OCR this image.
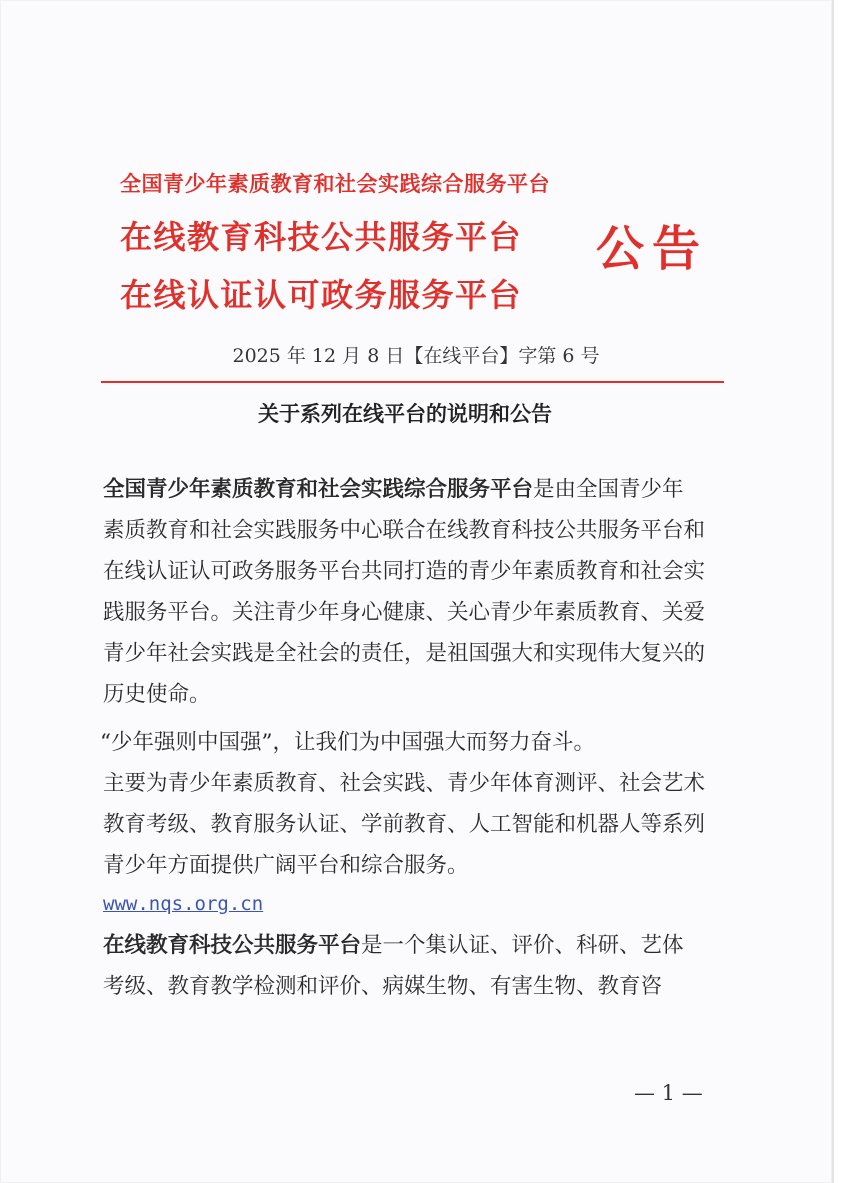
全国青少年素质教育和社会实践综合服务平台
在线教育科技公共服务平台
在线认证认可政务服务平台
公告
2025 年 12 月 8 日【在线平台】字第 6 号
关于系列在线平台的说明和公告
全国青少年素质教育和社会实践综合服务平台是由全国青少年
素质教育和社会实践服务中心联合在线教育科技公共服务平台和
在线认证认可政务服务平台共同打造的青少年素质教育和社会实
践服务平台。关注青少年身心健康、关心青少年素质教育、关爱
青少年社会实践是全社会的责任，是祖国强大和实现伟大复兴的
历史使命。
“少年强则中国强”，让我们为中国强大而努力奋斗。
主要为青少年素质教育、社会实践、青少年体育测评、社会艺术
教育考级、教育服务认证、学前教育、人工智能和机器人等系列
青少年方面提供广阔平台和综合服务。
www.nqs.org.cn
在线教育科技公共服务平台是一个集认证、评价、科研、艺体
考级、教育教学检测和评价、病媒生物、有害生物、教育咨
— 1 —
